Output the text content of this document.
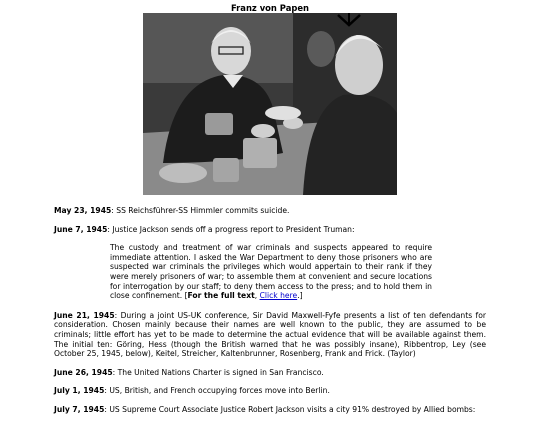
Franz von Papen

May 23, 1945: SS Reichsführer-SS Himmler commits suicide.

June 7, 1945: Justice Jackson sends off a progress report to President Truman:

The custody and treatment of war criminals and suspects appeared to require immediate attention. I asked the War Department to deny those prisoners who are suspected war criminals the privileges which would appertain to their rank if they were merely prisoners of war; to assemble them at convenient and secure locations for interrogation by our staff; to deny them access to the press; and to hold them in close confinement. [For the full text, Click here.]

June 21, 1945: During a joint US-UK conference, Sir David Maxwell-Fyfe presents a list of ten defendants for consideration. Chosen mainly because their names are well known to the public, they are assumed to be criminals; little effort has yet to be made to determine the actual evidence that will be available against them. The initial ten: Göring, Hess (though the British warned that he was possibly insane), Ribbentrop, Ley (see October 25, 1945, below), Keitel, Streicher, Kaltenbrunner, Rosenberg, Frank and Frick. (Taylor)

June 26, 1945: The United Nations Charter is signed in San Francisco.

July 1, 1945: US, British, and French occupying forces move into Berlin.

July 7, 1945: US Supreme Court Associate Justice Robert Jackson visits a city 91% destroyed by Allied bombs:
